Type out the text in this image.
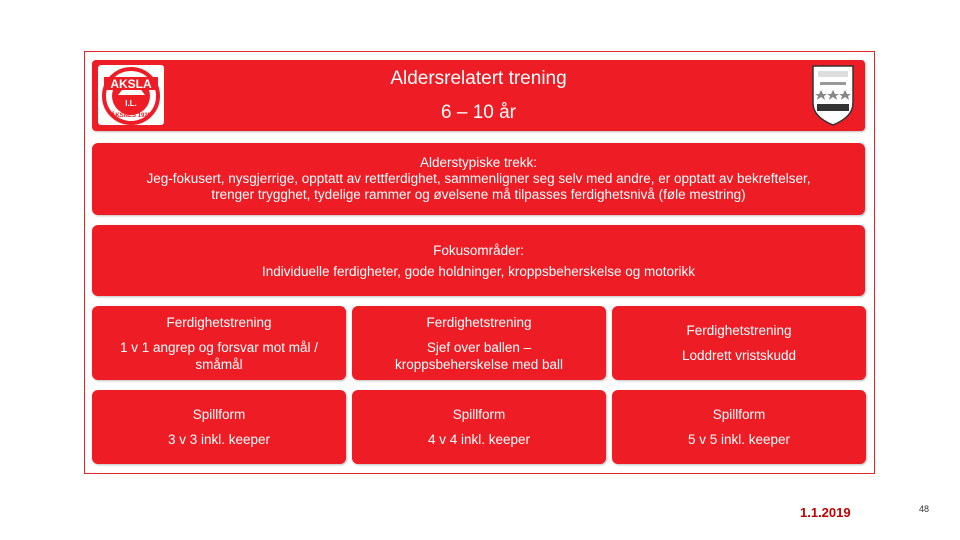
Aldersrelatert trening
6 – 10 år
AKSLA
I.L.
ÅKSNES 1925
Alderstypiske trekk:
Jeg-fokusert, nysgjerrige, opptatt av rettferdighet, sammenligner seg selv med andre, er opptatt av bekreftelser,
trenger trygghet, tydelige rammer og øvelsene må tilpasses ferdighetsnivå (føle mestring)
Fokusområder:
Individuelle ferdigheter, gode holdninger, kroppsbeherskelse og motorikk
Ferdighetstrening
1 v 1 angrep og forsvar mot mål /
småmål
Ferdighetstrening
Sjef over ballen –
kroppsbeherskelse med ball
Ferdighetstrening
Loddrett vristskudd
Spillform
3 v 3 inkl. keeper
Spillform
4 v 4 inkl. keeper
Spillform
5 v 5 inkl. keeper
1.1.2019	48
